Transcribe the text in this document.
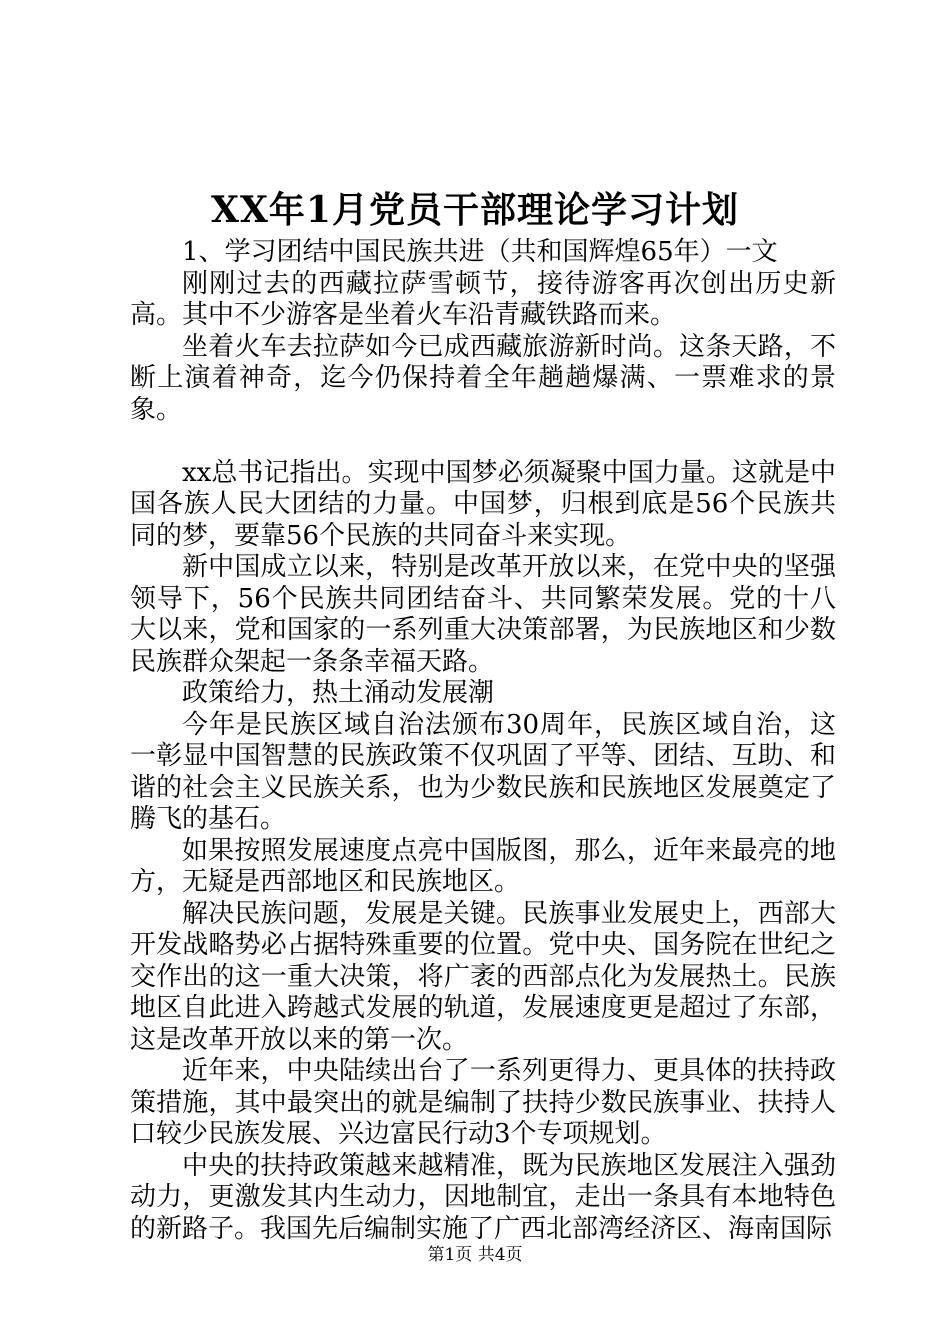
XX年1月党员干部理论学习计划

1、学习团结中国民族共进（共和国辉煌65年）一文

刚刚过去的西藏拉萨雪顿节，接待游客再次创出历史新高。其中不少游客是坐着火车沿青藏铁路而来。

坐着火车去拉萨如今已成西藏旅游新时尚。这条天路，不断上演着神奇，迄今仍保持着全年趟趟爆满、一票难求的景象。

xx总书记指出。实现中国梦必须凝聚中国力量。这就是中国各族人民大团结的力量。中国梦，归根到底是56个民族共同的梦，要靠56个民族的共同奋斗来实现。

新中国成立以来，特别是改革开放以来，在党中央的坚强领导下，56个民族共同团结奋斗、共同繁荣发展。党的十八大以来，党和国家的一系列重大决策部署，为民族地区和少数民族群众架起一条条幸福天路。

政策给力，热土涌动发展潮

今年是民族区域自治法颁布30周年，民族区域自治，这一彰显中国智慧的民族政策不仅巩固了平等、团结、互助、和谐的社会主义民族关系，也为少数民族和民族地区发展奠定了腾飞的基石。

如果按照发展速度点亮中国版图，那么，近年来最亮的地方，无疑是西部地区和民族地区。

解决民族问题，发展是关键。民族事业发展史上，西部大开发战略势必占据特殊重要的位置。党中央、国务院在世纪之交作出的这一重大决策，将广袤的西部点化为发展热土。民族地区自此进入跨越式发展的轨道，发展速度更是超过了东部，这是改革开放以来的第一次。

近年来，中央陆续出台了一系列更得力、更具体的扶持政策措施，其中最突出的就是编制了扶持少数民族事业、扶持人口较少民族发展、兴边富民行动3个专项规划。

中央的扶持政策越来越精准，既为民族地区发展注入强劲动力，更激发其内生动力，因地制宜，走出一条具有本地特色的新路子。我国先后编制实施了广西北部湾经济区、海南国际

第1页 共4页
